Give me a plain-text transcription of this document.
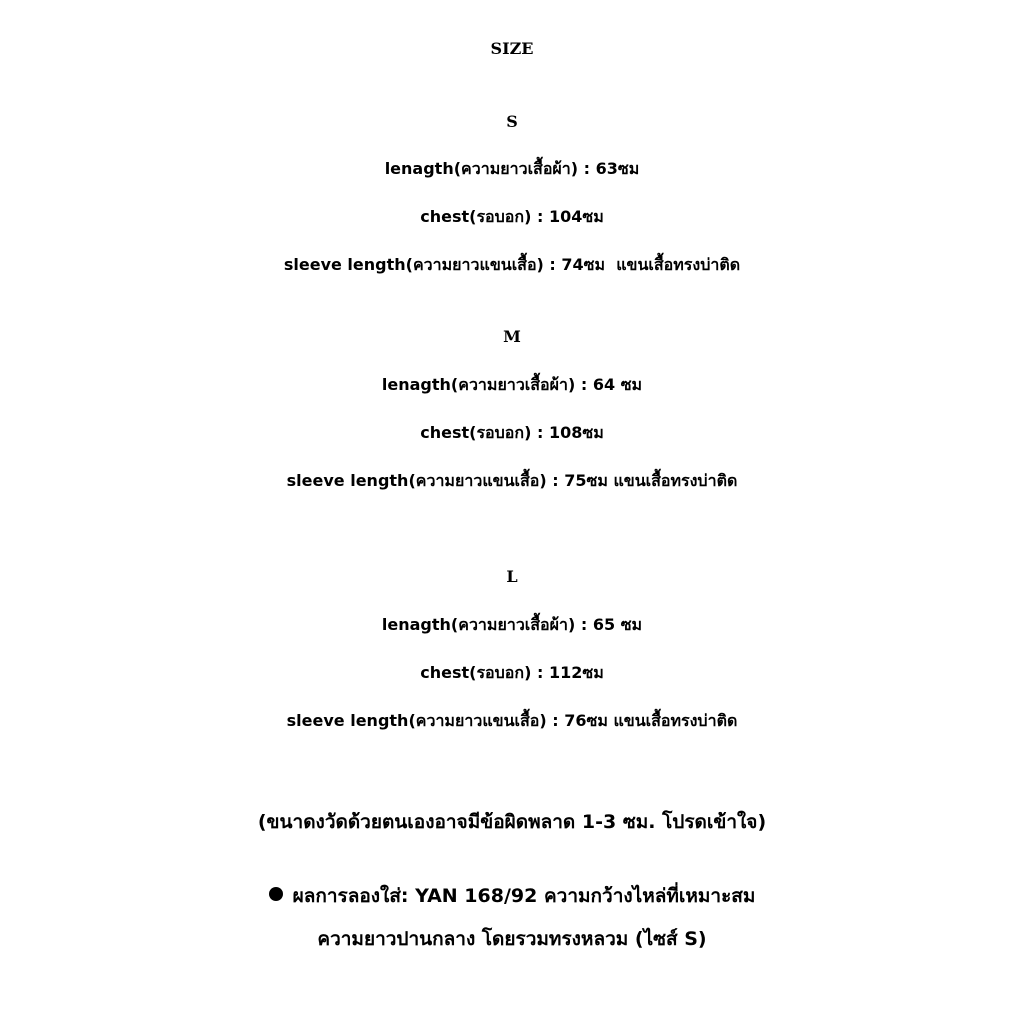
SIZE
S
lenagth(ความยาวเสื้อผ้า) : 63ซม
chest(รอบอก) : 104ซม
sleeve length(ความยาวแขนเสื้อ) : 74ซม  แขนเสื้อทรงบ่าติด
M
lenagth(ความยาวเสื้อผ้า) : 64 ซม
chest(รอบอก) : 108ซม
sleeve length(ความยาวแขนเสื้อ) : 75ซม แขนเสื้อทรงบ่าติด
L
lenagth(ความยาวเสื้อผ้า) : 65 ซม
chest(รอบอก) : 112ซม
sleeve length(ความยาวแขนเสื้อ) : 76ซม แขนเสื้อทรงบ่าติด
(ขนาดงวัดด้วยตนเองอาจมีข้อผิดพลาด 1-3 ซม. โปรดเข้าใจ)
ผลการลองใส่: YAN 168/92 ความกว้างไหล่ที่เหมาะสม
ความยาวปานกลาง โดยรวมทรงหลวม (ไซส์ S)
